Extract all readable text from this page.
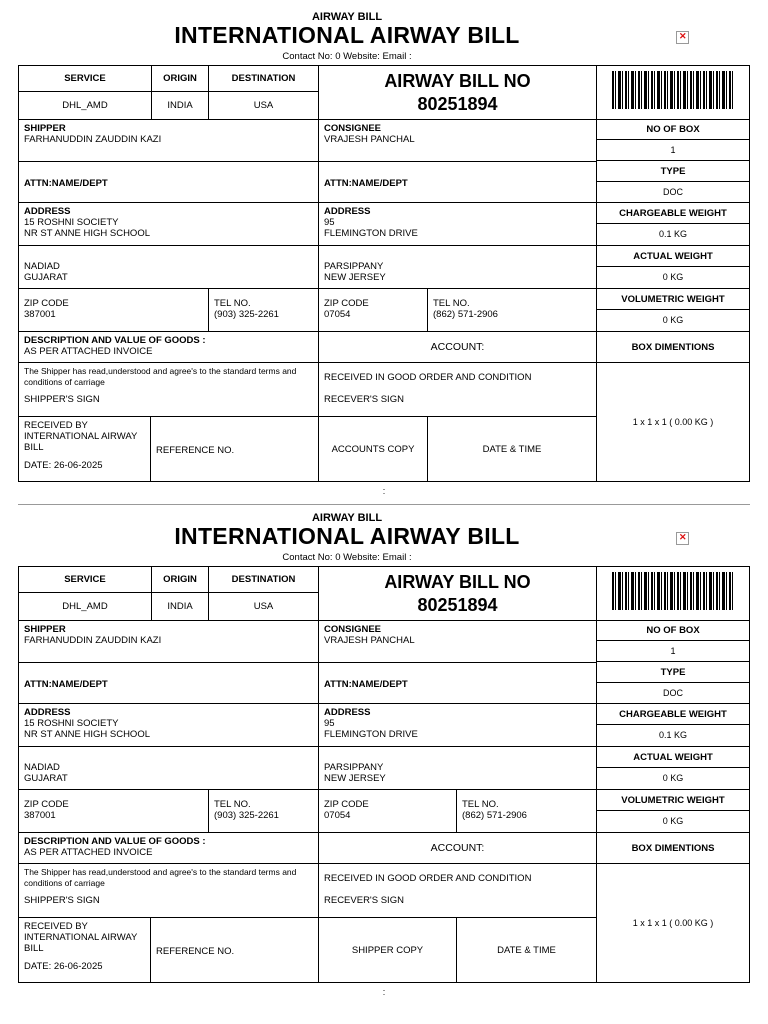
AIRWAY BILL
INTERNATIONAL AIRWAY BILL
Contact No: 0 Website: Email :
✕
SERVICE	ORIGIN	DESTINATION
DHL_AMD	INDIA	USA
AIRWAY BILL NO
80251894
SHIPPER
FARHANUDDIN ZAUDDIN KAZI
CONSIGNEE
VRAJESH PANCHAL
ATTN:NAME/DEPT	ATTN:NAME/DEPT
ADDRESS
15 ROSHNI SOCIETY
NR ST ANNE HIGH SCHOOL
ADDRESS
95
FLEMINGTON DRIVE
NADIAD
GUJARAT
PARSIPPANY
NEW JERSEY
ZIP CODE
387001
TEL NO.
(903) 325-2261
ZIP CODE
07054
TEL NO.
(862) 571-2906
DESCRIPTION AND VALUE OF GOODS :
AS PER ATTACHED INVOICE	ACCOUNT:
The Shipper has read,understood and agree's to the standard terms and conditions of carriage
SHIPPER'S SIGN
RECEIVED IN GOOD ORDER AND CONDITION
RECEVER'S SIGN
RECEIVED BY INTERNATIONAL AIRWAY BILL
DATE: 26-06-2025
REFERENCE NO.	ACCOUNTS COPY	DATE & TIME
NO OF BOX
1
TYPE
DOC
CHARGEABLE WEIGHT
0.1 KG
ACTUAL WEIGHT
0 KG
VOLUMETRIC WEIGHT
0 KG
BOX DIMENTIONS
1 x 1 x 1 ( 0.00 KG )
:
AIRWAY BILL
INTERNATIONAL AIRWAY BILL
Contact No: 0 Website: Email :
✕
SERVICE	ORIGIN	DESTINATION
DHL_AMD	INDIA	USA
AIRWAY BILL NO
80251894
SHIPPER
FARHANUDDIN ZAUDDIN KAZI
CONSIGNEE
VRAJESH PANCHAL
ATTN:NAME/DEPT	ATTN:NAME/DEPT
ADDRESS
15 ROSHNI SOCIETY
NR ST ANNE HIGH SCHOOL
ADDRESS
95
FLEMINGTON DRIVE
NADIAD
GUJARAT
PARSIPPANY
NEW JERSEY
ZIP CODE
387001
TEL NO.
(903) 325-2261
ZIP CODE
07054
TEL NO.
(862) 571-2906
DESCRIPTION AND VALUE OF GOODS :
AS PER ATTACHED INVOICE	ACCOUNT:
The Shipper has read,understood and agree's to the standard terms and conditions of carriage
SHIPPER'S SIGN
RECEIVED IN GOOD ORDER AND CONDITION
RECEVER'S SIGN
RECEIVED BY INTERNATIONAL AIRWAY BILL
DATE: 26-06-2025
REFERENCE NO.	SHIPPER COPY	DATE & TIME
NO OF BOX
1
TYPE
DOC
CHARGEABLE WEIGHT
0.1 KG
ACTUAL WEIGHT
0 KG
VOLUMETRIC WEIGHT
0 KG
BOX DIMENTIONS
1 x 1 x 1 ( 0.00 KG )
:
